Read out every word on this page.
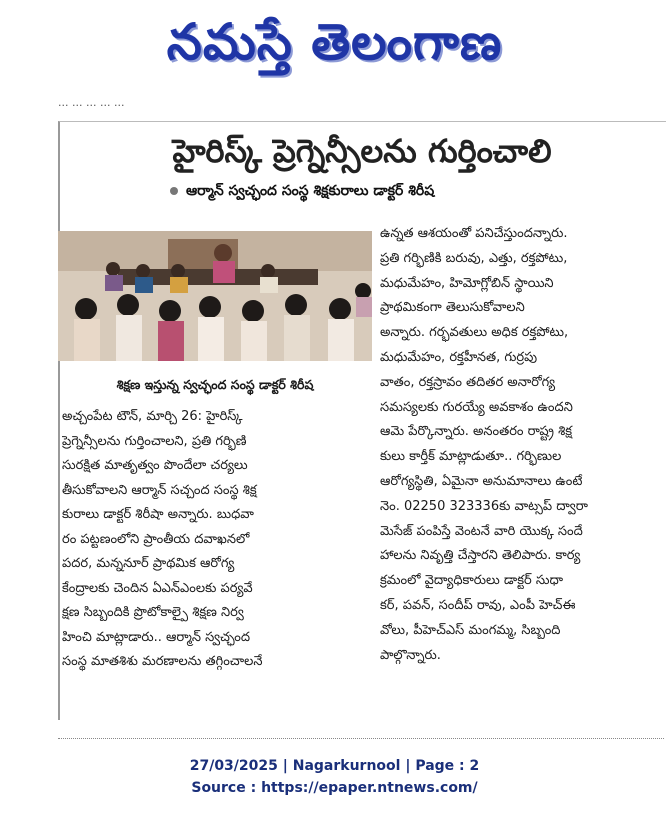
నమస్తే తెలంగాణ
... ... ... ... ...
హైరిస్క్ ప్రెగ్నెన్సీలను గుర్తించాలి
ఆర్మాన్ స్వచ్ఛంద సంస్థ శిక్షకురాలు డాక్టర్ శిరీష
శిక్షణ ఇస్తున్న స్వచ్ఛంద సంస్థ డాక్టర్ శిరీష
అచ్చంపేట టౌన్, మార్చి 26: హైరిస్క్
ప్రెగ్నెన్సీలను గుర్తించాలని, ప్రతి గర్భిణి
సురక్షిత మాతృత్వం పొందేలా చర్యలు
తీసుకోవాలని ఆర్మాన్ సచ్చంద సంస్థ శిక్ష
కురాలు డాక్టర్ శిరీషా అన్నారు. బుధవా
రం పట్టణంలోని ప్రాంతీయ దవాఖనలో
పదర, మన్ననూర్ ప్రాథమిక ఆరోగ్య
కేంద్రాలకు చెందిన ఏఎన్ఎంలకు పర్యవే
క్షణ సిబ్బందికి ప్రొటోకాల్పై శిక్షణ నిర్వ
హించి మాట్లాడారు.. ఆర్మాన్ స్వచ్ఛంద
సంస్థ మాతశిశు మరణాలను తగ్గించాలనే
ఉన్నత ఆశయంతో పనిచేస్తుందన్నారు.
ప్రతి గర్భిణికి బరువు, ఎత్తు, రక్తపోటు,
మధుమేహం, హిమోగ్లోబిన్ స్థాయిని
ప్రాథమికంగా తెలుసుకోవాలని
అన్నారు. గర్భవతులు అధిక రక్తపోటు,
మధుమేహం, రక్తహీనత, గుర్రపు
వాతం, రక్తస్రావం తదితర అనారోగ్య
సమస్యలకు గురయ్యే అవకాశం ఉందని
ఆమె పేర్కొన్నారు. అనంతరం రాష్ట్ర శిక్ష
కులు కార్తీక్ మాట్లాడుతూ.. గర్భిణుల
ఆరోగ్యస్థితి, ఏమైనా అనుమానాలు ఉంటే
నెం. 02250 323336కు వాట్సప్ ద్వారా
మెసేజ్ పంపిస్తే వెంటనే వారి యొక్క సందే
హాలను నివృత్తి చేస్తారని తెలిపారు. కార్య
క్రమంలో వైద్యాధికారులు డాక్టర్ సుధా
కర్, పవన్, సందీప్ రావు, ఎంపీ హెచ్ఈ
వోలు, పీహెచ్ఎస్ మంగమ్మ, సిబ్బంది
పాల్గొన్నారు.
27/03/2025 | Nagarkurnool | Page : 2
Source : https://epaper.ntnews.com/
